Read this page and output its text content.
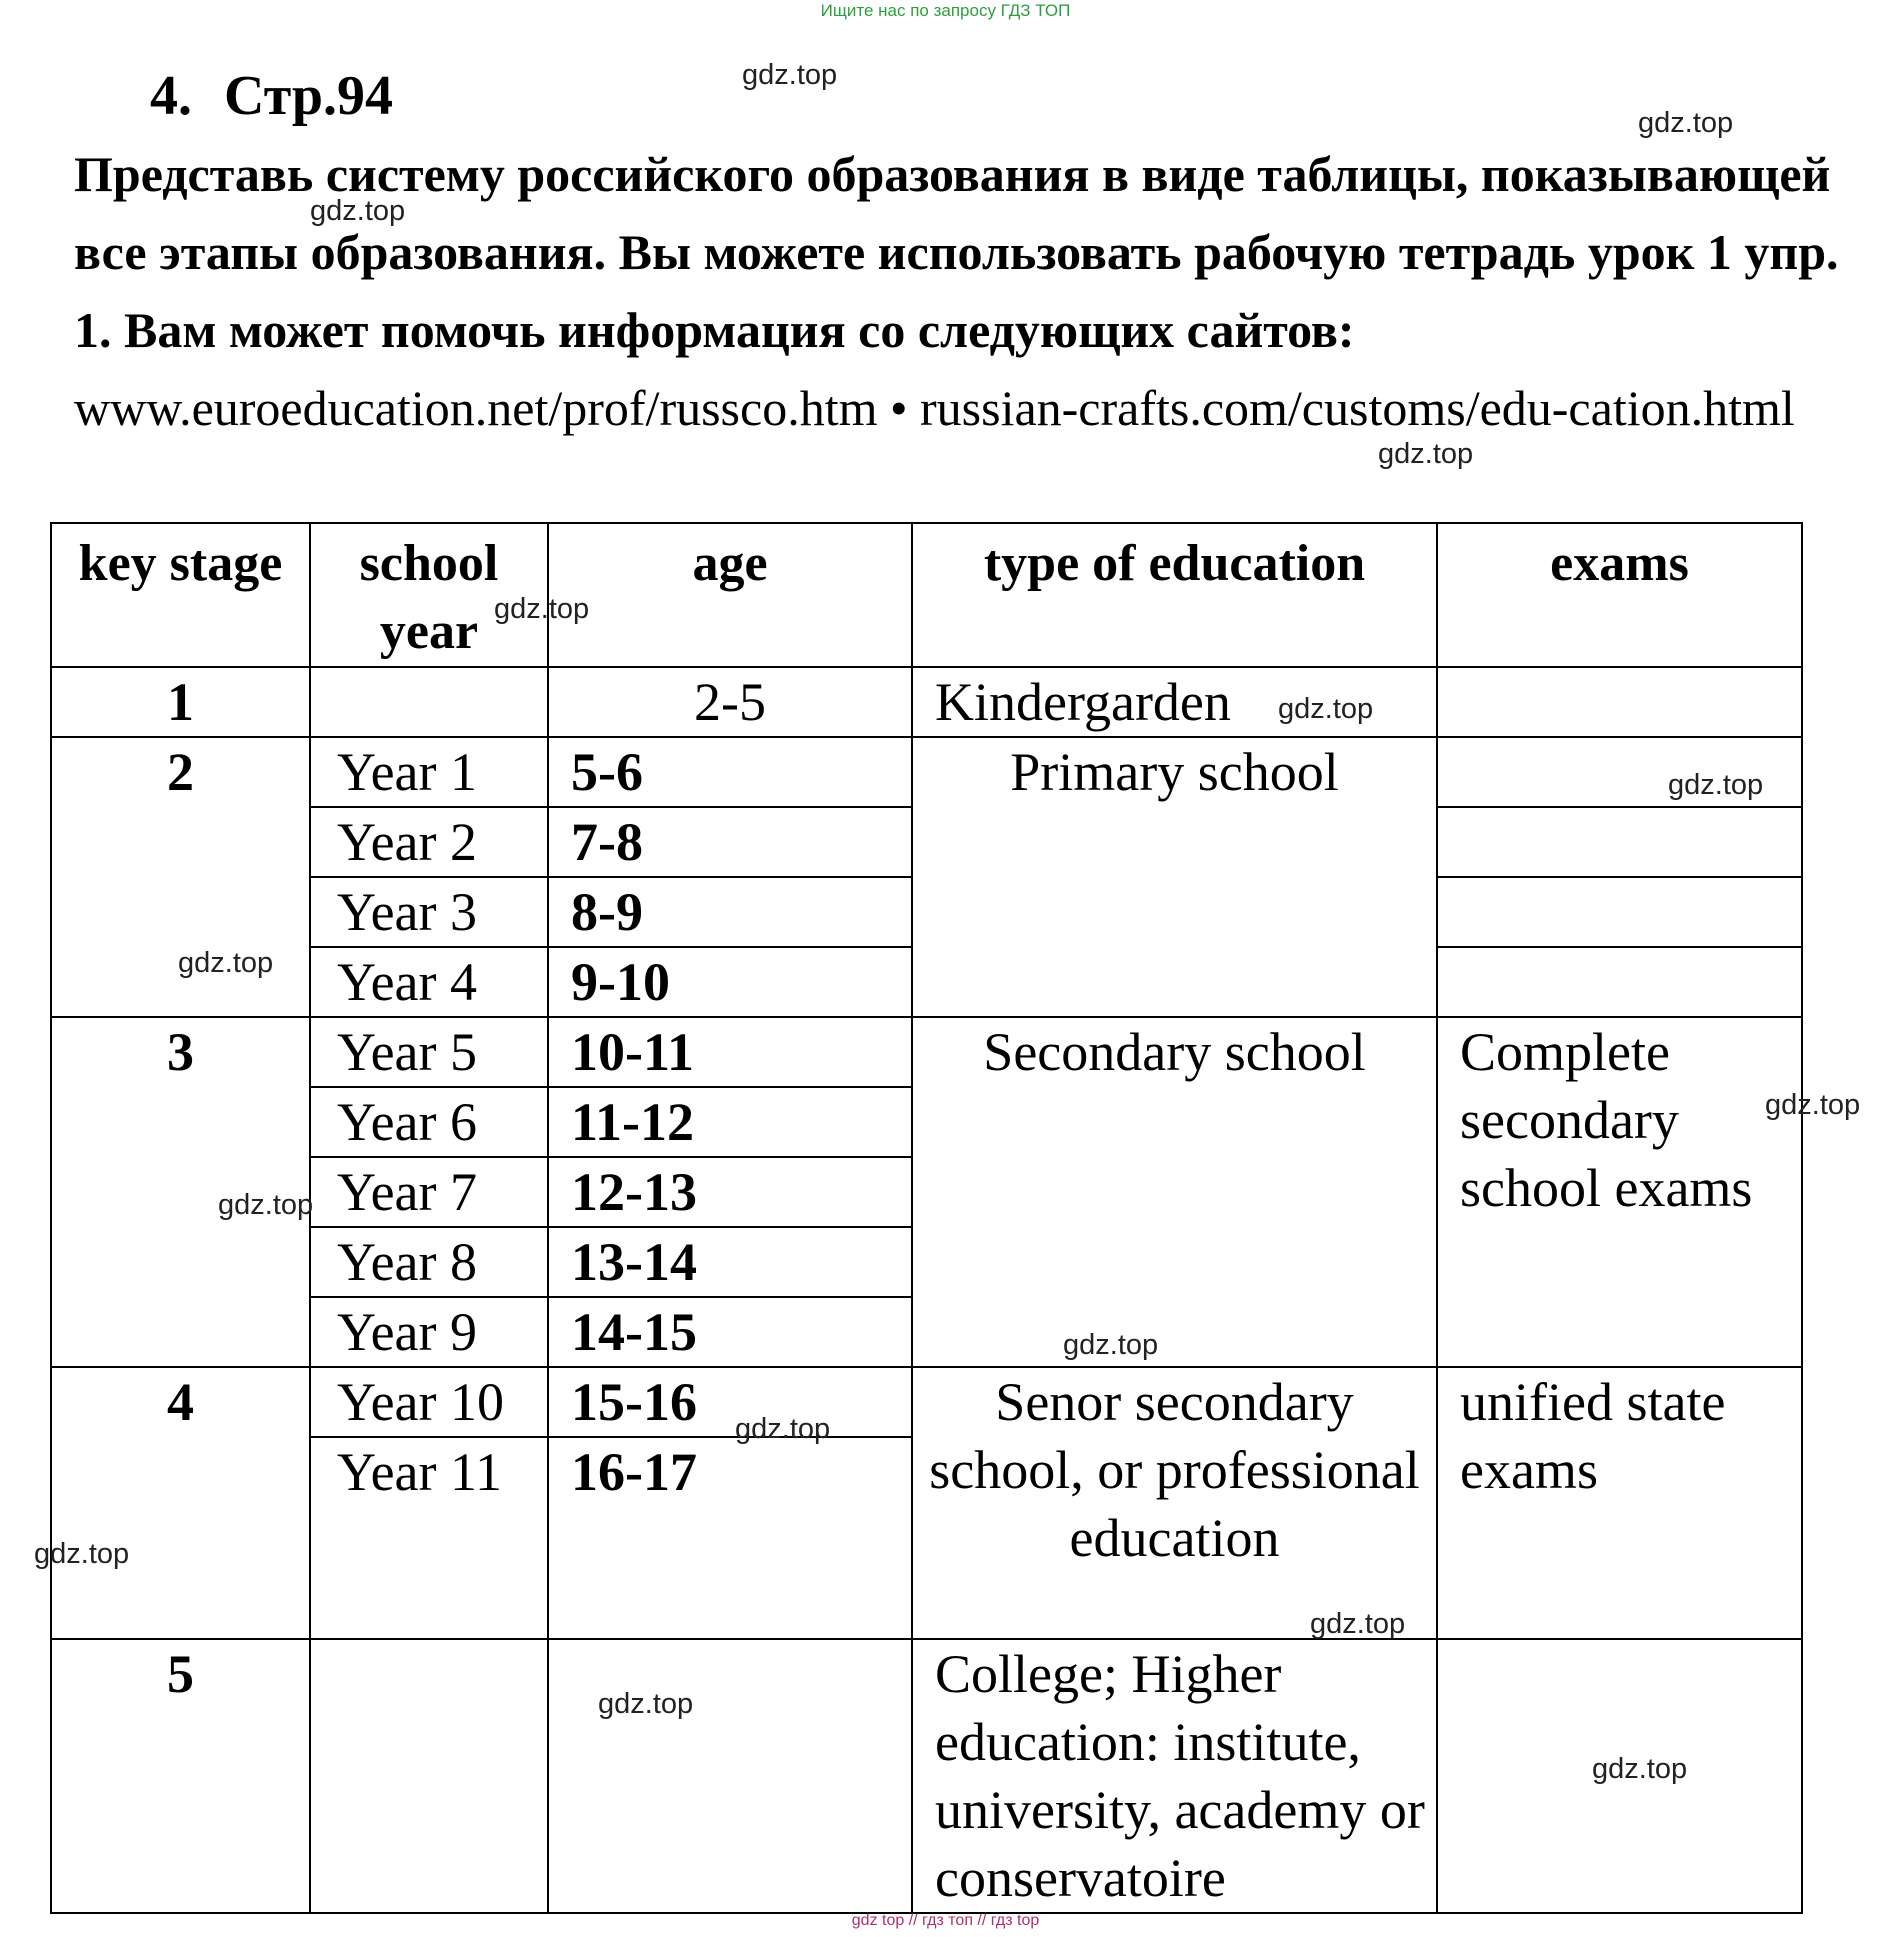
Ищите нас по запросу ГДЗ ТОП
4. Стр.94
Представь систему российского образования в виде таблицы, показывающей все этапы образования. Вы можете использовать рабочую тетрадь урок 1 упр. 1. Вам может помочь информация со следующих сайтов: www.euroeducation.net/prof/russco.htm • russian-crafts.com/customs/edu-cation.html
key stage	school year	age	type of education	exams
1		2-5	Kindergarden	
2	Year 1	5-6	Primary school	
	Year 2	7-8		
	Year 3	8-9		
	Year 4	9-10		
3	Year 5	10-11	Secondary school	Complete secondary school exams
	Year 6	11-12		
	Year 7	12-13		
	Year 8	13-14		
	Year 9	14-15		
4	Year 10	15-16	Senor secondary school, or professional education	unified state exams
	Year 11	16-17		
5			College; Higher education: institute, university, academy or conservatoire	
gdz.top
gdz.top
gdz.top
gdz.top
gdz.top
gdz.top
gdz.top
gdz.top
gdz.top
gdz.top
gdz.top
gdz.top
gdz.top
gdz.top
gdz.top
gdz.top
gdz top // гдз топ // гдз top
